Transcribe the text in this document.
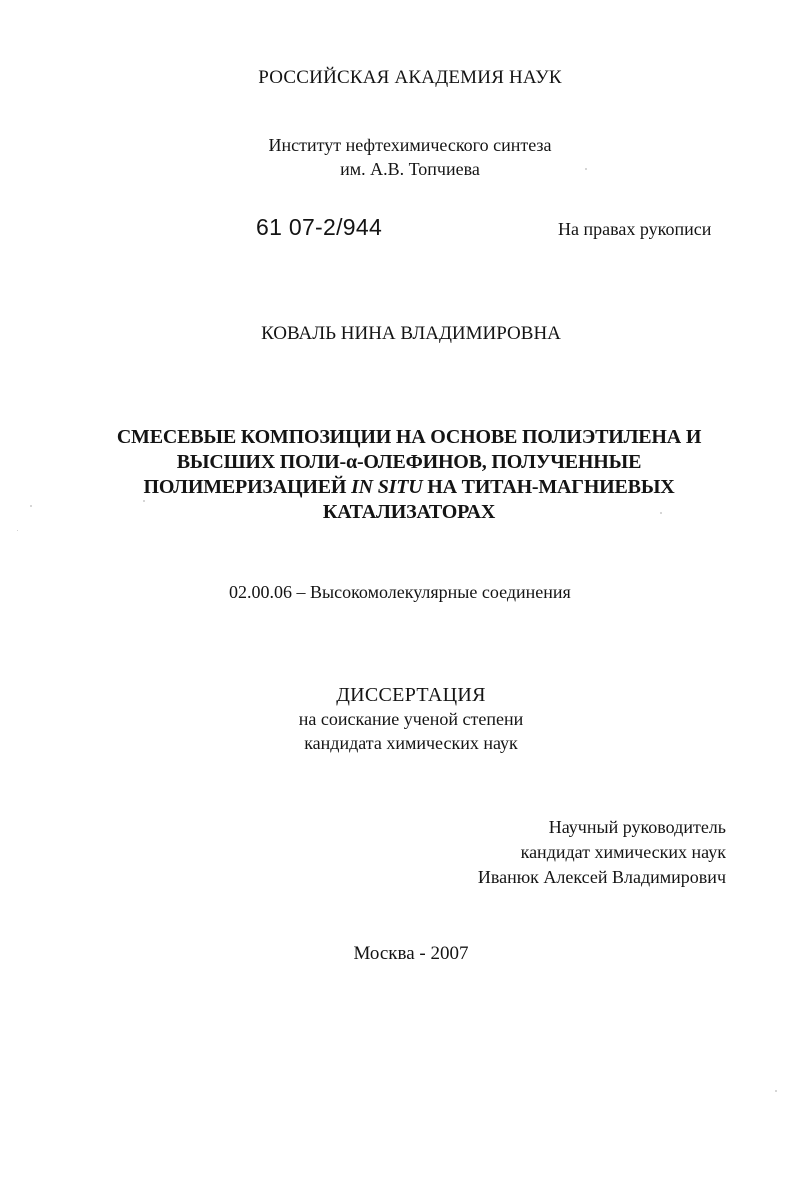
РОССИЙСКАЯ АКАДЕМИЯ НАУК
Институт нефтехимического синтеза
им. А.В. Топчиева
61 07-2/944	На правах рукописи
КОВАЛЬ НИНА ВЛАДИМИРОВНА
СМЕСЕВЫЕ КОМПОЗИЦИИ НА ОСНОВЕ ПОЛИЭТИЛЕНА И
ВЫСШИХ ПОЛИ-α-ОЛЕФИНОВ, ПОЛУЧЕННЫЕ
ПОЛИМЕРИЗАЦИЕЙ IN SITU НА ТИТАН-МАГНИЕВЫХ
КАТАЛИЗАТОРАХ
02.00.06 – Высокомолекулярные соединения
ДИССЕРТАЦИЯ
на соискание ученой степени
кандидата химических наук
Научный руководитель
кандидат химических наук
Иванюк Алексей Владимирович
Москва - 2007
